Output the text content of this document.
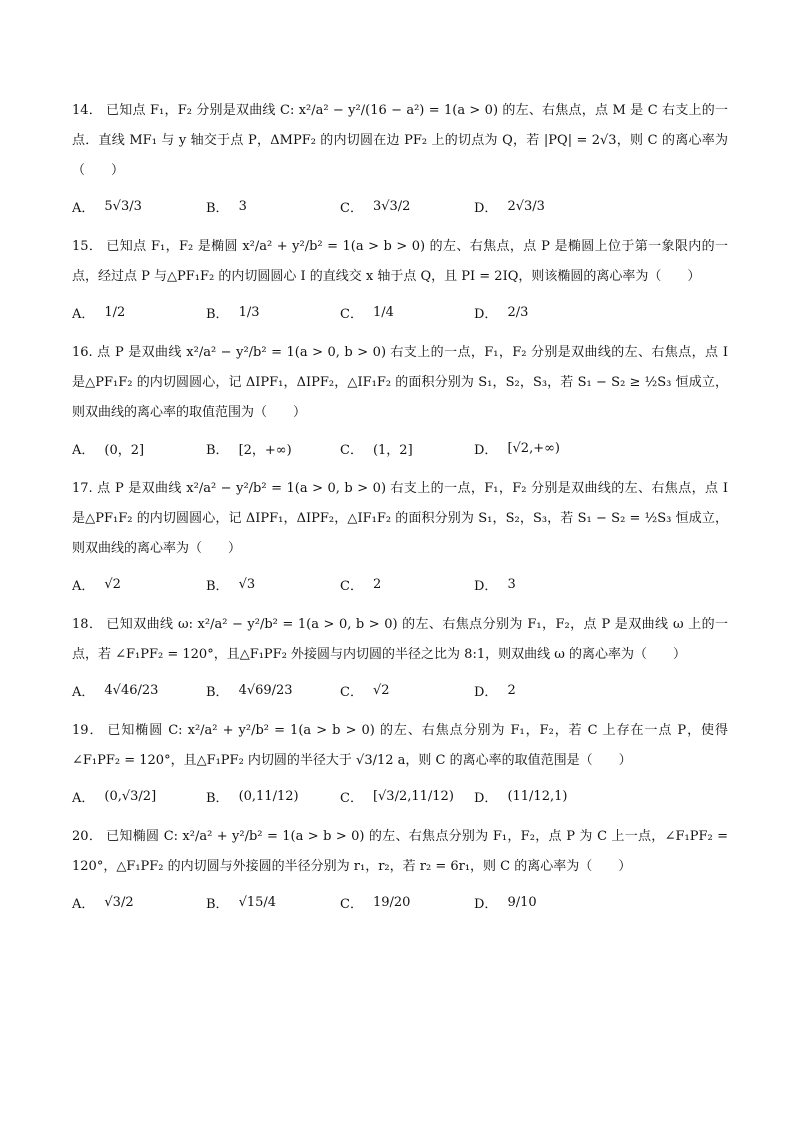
14． 已知点 F₁，F₂ 分别是双曲线 C: x²/a² − y²/(16 − a²) = 1(a > 0) 的左、右焦点，点 M 是 C 右支上的一点．直线 MF₁ 与 y 轴交于点 P，ΔMPF₂ 的内切圆在边 PF₂ 上的切点为 Q，若 |PQ| = 2√3，则 C 的离心率为（　　）
A． 5√3/3	B． 3	C． 3√3/2	D． 2√3/3
15． 已知点 F₁，F₂ 是椭圆 x²/a² + y²/b² = 1(a > b > 0) 的左、右焦点，点 P 是椭圆上位于第一象限内的一点，经过点 P 与△PF₁F₂ 的内切圆圆心 I 的直线交 x 轴于点 Q，且 PI = 2IQ，则该椭圆的离心率为（　　）
A． 1/2	B． 1/3	C． 1/4	D． 2/3
16. 点 P 是双曲线 x²/a² − y²/b² = 1(a > 0, b > 0) 右支上的一点，F₁，F₂ 分别是双曲线的左、右焦点，点 I 是△PF₁F₂ 的内切圆圆心，记 ΔIPF₁，ΔIPF₂，△IF₁F₂ 的面积分别为 S₁，S₂，S₃，若 S₁ − S₂ ≥ ½S₃ 恒成立，则双曲线的离心率的取值范围为（　　）
A． (0，2]	B． [2，+∞)	C． (1，2]	D． [√2,+∞)
17. 点 P 是双曲线 x²/a² − y²/b² = 1(a > 0, b > 0) 右支上的一点，F₁，F₂ 分别是双曲线的左、右焦点，点 I 是△PF₁F₂ 的内切圆圆心，记 ΔIPF₁，ΔIPF₂，△IF₁F₂ 的面积分别为 S₁，S₂，S₃，若 S₁ − S₂ = ½S₃ 恒成立，则双曲线的离心率为（　　）
A． √2	B． √3	C． 2	D． 3
18． 已知双曲线 ω: x²/a² − y²/b² = 1(a > 0, b > 0) 的左、右焦点分别为 F₁，F₂，点 P 是双曲线 ω 上的一点，若 ∠F₁PF₂ = 120°，且△F₁PF₂ 外接圆与内切圆的半径之比为 8:1，则双曲线 ω 的离心率为（　　）
A． 4√46/23	B． 4√69/23	C． √2	D． 2
19． 已知椭圆 C: x²/a² + y²/b² = 1(a > b > 0) 的左、右焦点分别为 F₁，F₂，若 C 上存在一点 P，使得 ∠F₁PF₂ = 120°，且△F₁PF₂ 内切圆的半径大于 √3/12 a，则 C 的离心率的取值范围是（　　）
A． (0,√3/2]	B． (0,11/12)	C． [√3/2,11/12) D． (11/12,1)
20． 已知椭圆 C: x²/a² + y²/b² = 1(a > b > 0) 的左、右焦点分别为 F₁，F₂，点 P 为 C 上一点，∠F₁PF₂ = 120°，△F₁PF₂ 的内切圆与外接圆的半径分别为 r₁，r₂，若 r₂ = 6r₁，则 C 的离心率为（　　）
A． √3/2	B． √15/4	C． 19/20	D． 9/10
